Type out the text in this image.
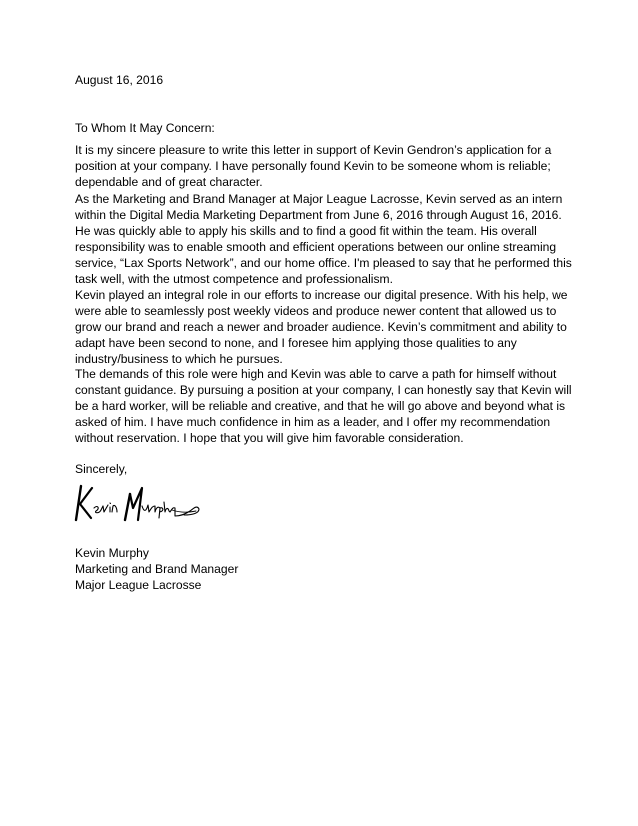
August 16, 2016

To Whom It May Concern:

It is my sincere pleasure to write this letter in support of Kevin Gendron’s application for a position at your company. I have personally found Kevin to be someone whom is reliable; dependable and of great character.

As the Marketing and Brand Manager at Major League Lacrosse, Kevin served as an intern within the Digital Media Marketing Department from June 6, 2016 through August 16, 2016. He was quickly able to apply his skills and to find a good fit within the team. His overall responsibility was to enable smooth and efficient operations between our online streaming service, “Lax Sports Network”, and our home office. I'm pleased to say that he performed this task well, with the utmost competence and professionalism.

Kevin played an integral role in our efforts to increase our digital presence. With his help, we were able to seamlessly post weekly videos and produce newer content that allowed us to grow our brand and reach a newer and broader audience. Kevin’s commitment and ability to adapt have been second to none, and I foresee him applying those qualities to any industry/business to which he pursues.

The demands of this role were high and Kevin was able to carve a path for himself without constant guidance. By pursuing a position at your company, I can honestly say that Kevin will be a hard worker, will be reliable and creative, and that he will go above and beyond what is asked of him. I have much confidence in him as a leader, and I offer my recommendation without reservation. I hope that you will give him favorable consideration.

Sincerely,

Kevin Murphy

Marketing and Brand Manager

Major League Lacrosse
